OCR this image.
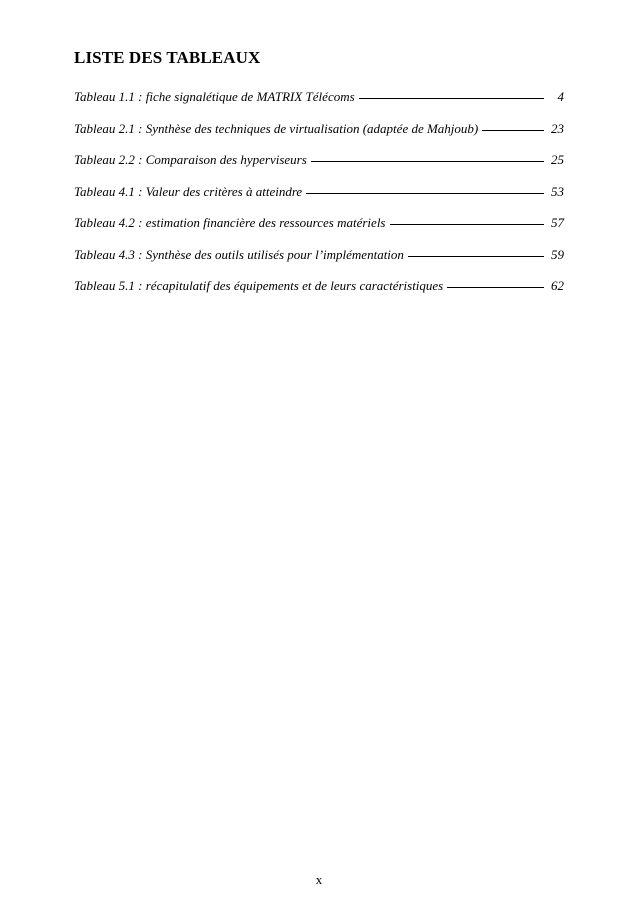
LISTE DES TABLEAUX
Tableau 1.1 : fiche signalétique de MATRIX Télécoms	4
Tableau 2.1 : Synthèse des techniques de virtualisation (adaptée de Mahjoub)	23
Tableau 2.2 : Comparaison des hyperviseurs	25
Tableau 4.1 : Valeur des critères à atteindre	53
Tableau 4.2 : estimation financière des ressources matériels	57
Tableau 4.3 : Synthèse des outils utilisés pour l’implémentation	59
Tableau 5.1 : récapitulatif des équipements et de leurs caractéristiques	62
x
